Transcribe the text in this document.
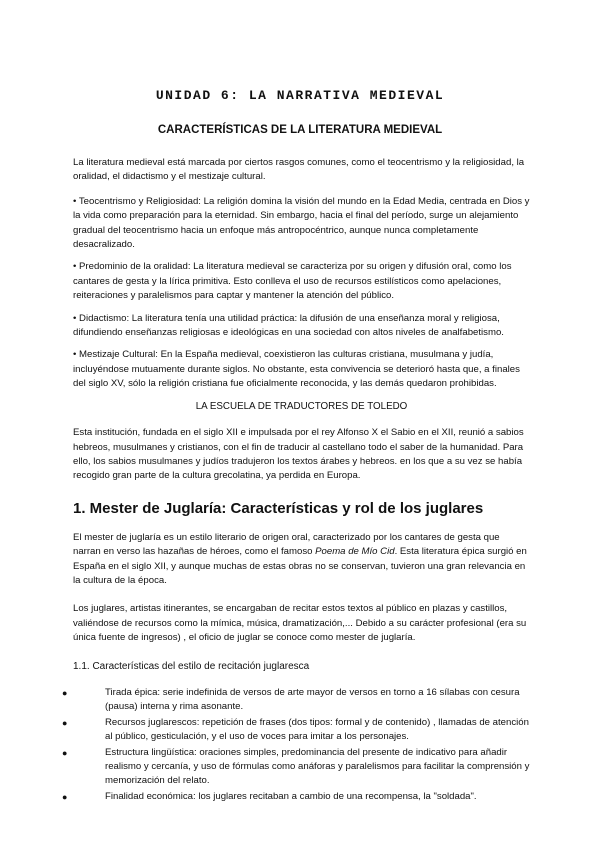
UNIDAD 6: LA NARRATIVA MEDIEVAL
CARACTERÍSTICAS DE LA LITERATURA MEDIEVAL

La literatura medieval está marcada por ciertos rasgos comunes, como el teocentrismo y la religiosidad, la oralidad, el didactismo y el mestizaje cultural.

• Teocentrismo y Religiosidad: La religión domina la visión del mundo en la Edad Media, centrada en Dios y la vida como preparación para la eternidad. Sin embargo, hacia el final del período, surge un alejamiento gradual del teocentrismo hacia un enfoque más antropocéntrico, aunque nunca completamente desacralizado.

• Predominio de la oralidad: La literatura medieval se caracteriza por su origen y difusión oral, como los cantares de gesta y la lírica primitiva. Esto conlleva el uso de recursos estilísticos como apelaciones, reiteraciones y paralelismos para captar y mantener la atención del público.

• Didactismo: La literatura tenía una utilidad práctica: la difusión de una enseñanza moral y religiosa, difundiendo enseñanzas religiosas e ideológicas en una sociedad con altos niveles de analfabetismo.

• Mestizaje Cultural: En la España medieval, coexistieron las culturas cristiana, musulmana y judía, incluyéndose mutuamente durante siglos. No obstante, esta convivencia se deterioró hasta que, a finales del siglo XV, sólo la religión cristiana fue oficialmente reconocida, y las demás quedaron prohibidas.

LA ESCUELA DE TRADUCTORES DE TOLEDO

Esta institución, fundada en el siglo XII e impulsada por el rey Alfonso X el Sabio en el XII, reunió a sabios hebreos, musulmanes y cristianos, con el fin de traducir al castellano todo el saber de la humanidad. Para ello, los sabios musulmanes y judíos tradujeron los textos árabes y hebreos. en los que a su vez se había recogido gran parte de la cultura grecolatina, ya perdida en Europa.

1. Mester de Juglaría: Características y rol de los juglares

El mester de juglaría es un estilo literario de origen oral, caracterizado por los cantares de gesta que narran en verso las hazañas de héroes, como el famoso Poema de Mío Cid. Esta literatura épica surgió en España en el siglo XII, y aunque muchas de estas obras no se conservan, tuvieron una gran relevancia en la cultura de la época.

Los juglares, artistas itinerantes, se encargaban de recitar estos textos al público en plazas y castillos, valiéndose de recursos como la mímica, música, dramatización,... Debido a su carácter profesional (era su única fuente de ingresos) , el oficio de juglar se conoce como mester de juglaría.

1.1. Características del estilo de recitación juglaresca

●	Tirada épica: serie indefinida de versos de arte mayor de versos en torno a 16 sílabas con cesura (pausa) interna y rima asonante.
●	Recursos juglarescos: repetición de frases (dos tipos: formal y de contenido) , llamadas de atención al público, gesticulación, y el uso de voces para imitar a los personajes.
●	Estructura lingüística: oraciones simples, predominancia del presente de indicativo para añadir realismo y cercanía, y uso de fórmulas como anáforas y paralelismos para facilitar la comprensión y memorización del relato.
●	Finalidad económica: los juglares recitaban a cambio de una recompensa, la "soldada".
